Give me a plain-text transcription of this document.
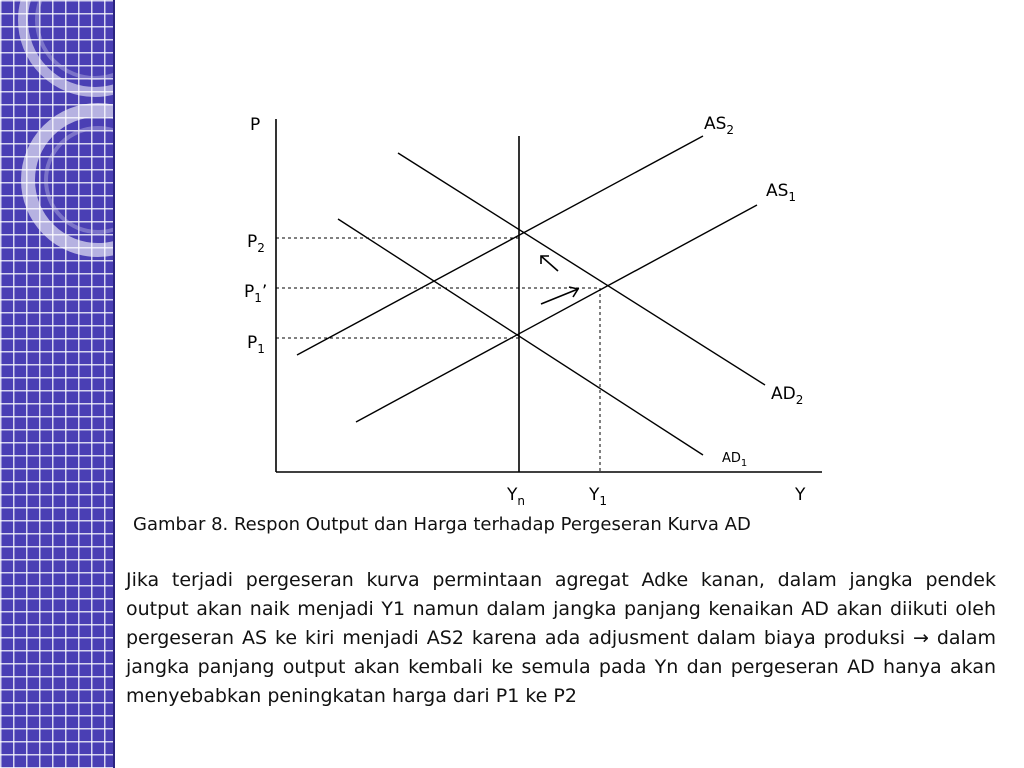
P
Y
$AS_2$
$AS_1$
$AD_2$
$AD_1$
$P_2$
$P_1$’
$P_1$
$Y_n$	$Y_1$
Gambar 8. Respon Output dan Harga terhadap Pergeseran Kurva AD

Jika terjadi pergeseran kurva permintaan agregat Adke kanan, dalam jangka pendek output akan naik menjadi Y1 namun dalam jangka panjang kenaikan AD akan diikuti oleh pergeseran AS ke kiri menjadi AS2 karena ada adjusment dalam biaya produksi → dalam jangka panjang output akan kembali ke semula pada Yn dan pergeseran AD hanya akan menyebabkan peningkatan harga dari P1 ke P2
